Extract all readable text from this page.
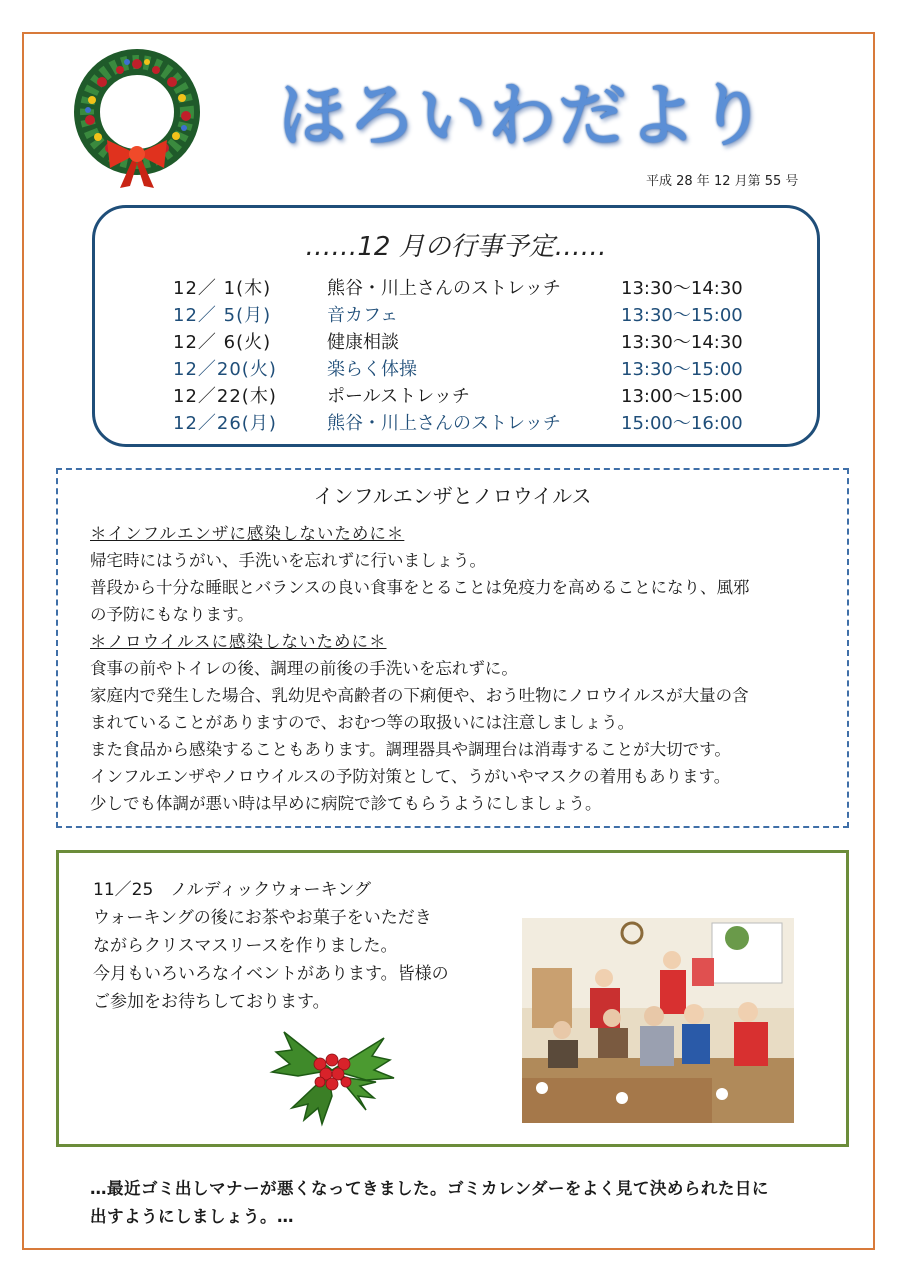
ほろいわだより
平成 28 年 12 月第 55 号
……12 月の行事予定……
12／ 1(木)	熊谷・川上さんのストレッチ	13:30〜14:30
12／ 5(月)	音カフェ	13:30〜15:00
12／ 6(火)	健康相談	13:30〜14:30
12／20(火)	楽らく体操	13:30〜15:00
12／22(木)	ポールストレッチ	13:00〜15:00
12／26(月)	熊谷・川上さんのストレッチ	15:00〜16:00
インフルエンザとノロウイルス
＊インフルエンザに感染しないために＊
帰宅時にはうがい、手洗いを忘れずに行いましょう。
普段から十分な睡眠とバランスの良い食事をとることは免疫力を高めることになり、風邪
の予防にもなります。
＊ノロウイルスに感染しないために＊
食事の前やトイレの後、調理の前後の手洗いを忘れずに。
家庭内で発生した場合、乳幼児や高齢者の下痢便や、おう吐物にノロウイルスが大量の含
まれていることがありますので、おむつ等の取扱いには注意しましょう。
また食品から感染することもあります。調理器具や調理台は消毒することが大切です。
インフルエンザやノロウイルスの予防対策として、うがいやマスクの着用もあります。
少しでも体調が悪い時は早めに病院で診てもらうようにしましょう。
11／25　ノルディックウォーキング
ウォーキングの後にお茶やお菓子をいただき
ながらクリスマスリースを作りました。
今月もいろいろなイベントがあります。皆様の
ご参加をお待ちしております。
…最近ゴミ出しマナーが悪くなってきました。ゴミカレンダーをよく見て決められた日に
出すようにしましょう。…
